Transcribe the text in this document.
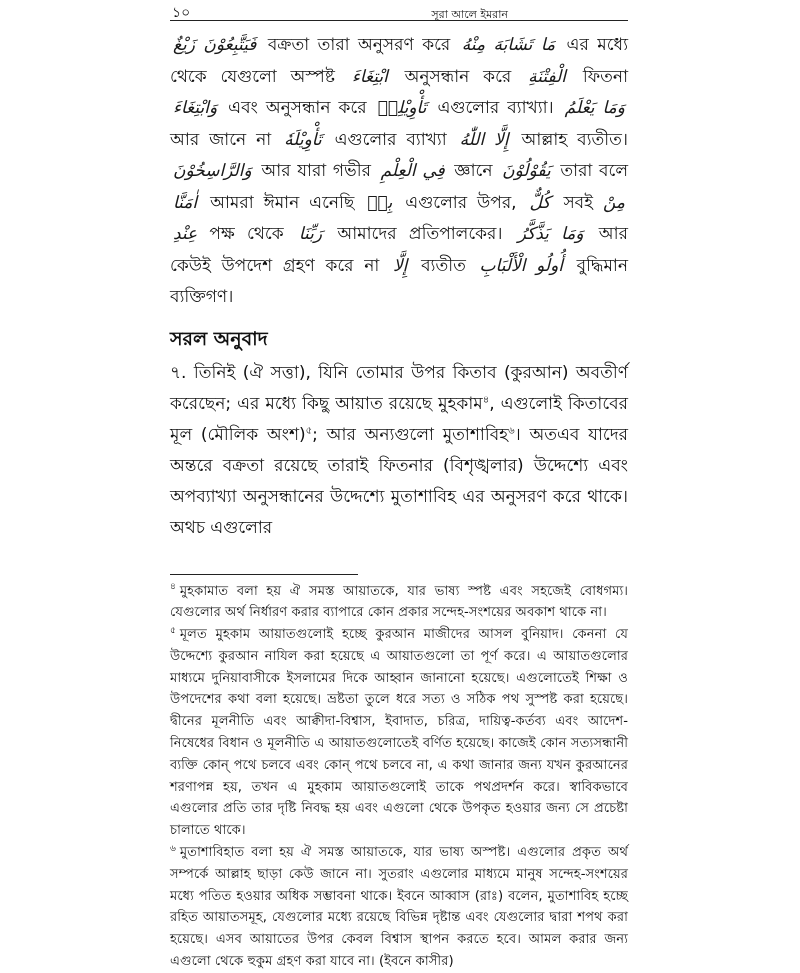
১০	সূরা আলে ইমরান

فَيَتَّبِعُوْنَ زَيْغٌ বক্রতা তারা অনুসরণ করে مَا تَشَابَهَ مِنْهُ এর মধ্যে থেকে যেগুলো অস্পষ্ট ابْتِغَاءَ অনুসন্ধান করে الْفِتْنَةِ ফিতনা وَابْتِغَاءَ এবং অনুসন্ধান করে تَأْوِيْلِهٖ এগুলোর ব্যাখ্যা। وَمَا يَعْلَمُ আর জানে না تَأْوِيْلَهٗ এগুলোর ব্যাখ্যা إِلَّا اللّٰهُ আল্লাহ ব্যতীত। وَالرَّاسِخُوْنَ আর যারা গভীর فِي الْعِلْمِ জ্ঞানে يَقُوْلُوْنَ তারা বলে اٰمَنَّا আমরা ঈমান এনেছি بِهٖ এগুলোর উপর, كُلٌّ সবই مِنْ عِنْدِ পক্ষ থেকে رَبِّنَا আমাদের প্রতিপালকের। وَمَا يَذَّكَّرُ আর কেউই উপদেশ গ্রহণ করে না إِلَّا ব্যতীত أُولُو الْأَلْبَابِ বুদ্ধিমান ব্যক্তিগণ।

সরল অনুবাদ

৭. তিনিই (ঐ সত্তা), যিনি তোমার উপর কিতাব (কুরআন) অবতীর্ণ করেছেন; এর মধ্যে কিছু আয়াত রয়েছে মুহকাম$^৪$, এগুলোই কিতাবের মূল (মৌলিক অংশ)$^৫$; আর অন্যগুলো মুতাশাবিহ$^৬$। অতএব যাদের অন্তরে বক্রতা রয়েছে তারাই ফিতনার (বিশৃঙ্খলার) উদ্দেশ্যে এবং অপব্যাখ্যা অনুসন্ধানের উদ্দেশ্যে মুতাশাবিহ এর অনুসরণ করে থাকে। অথচ এগুলোর

$^৪$ মুহকামাত বলা হয় ঐ সমস্ত আয়াতকে, যার ভাষ্য স্পষ্ট এবং সহজেই বোধগম্য। যেগুলোর অর্থ নির্ধারণ করার ব্যাপারে কোন প্রকার সন্দেহ-সংশয়ের অবকাশ থাকে না।

$^৫$ মূলত মুহকাম আয়াতগুলোই হচ্ছে কুরআন মাজীদের আসল বুনিয়াদ। কেননা যে উদ্দেশ্যে কুরআন নাযিল করা হয়েছে এ আয়াতগুলো তা পূর্ণ করে। এ আয়াতগুলোর মাধ্যমে দুনিয়াবাসীকে ইসলামের দিকে আহ্বান জানানো হয়েছে। এগুলোতেই শিক্ষা ও উপদেশের কথা বলা হয়েছে। ভ্রষ্টতা তুলে ধরে সত্য ও সঠিক পথ সুস্পষ্ট করা হয়েছে। দ্বীনের মূলনীতি এবং আক্বীদা-বিশ্বাস, ইবাদাত, চরিত্র, দায়িত্ব-কর্তব্য এবং আদেশ-নিষেধের বিধান ও মূলনীতি এ আয়াতগুলোতেই বর্ণিত হয়েছে। কাজেই কোন সত্যসন্ধানী ব্যক্তি কোন্ পথে চলবে এবং কোন্ পথে চলবে না, এ কথা জানার জন্য যখন কুরআনের শরণাপন্ন হয়, তখন এ মুহকাম আয়াতগুলোই তাকে পথপ্রদর্শন করে। স্বাবিকভাবে এগুলোর প্রতি তার দৃষ্টি নিবদ্ধ হয় এবং এগুলো থেকে উপকৃত হওয়ার জন্য সে প্রচেষ্টা চালাতে থাকে।

$^৬$ মুতাশাবিহাত বলা হয় ঐ সমস্ত আয়াতকে, যার ভাষ্য অস্পষ্ট। এগুলোর প্রকৃত অর্থ সম্পর্কে আল্লাহ ছাড়া কেউ জানে না। সুতরাং এগুলোর মাধ্যমে মানুষ সন্দেহ-সংশয়ের মধ্যে পতিত হওয়ার অধিক সম্ভাবনা থাকে। ইবনে আব্বাস (রাঃ) বলেন, মুতাশাবিহ হচ্ছে রহিত আয়াতসমূহ, যেগুলোর মধ্যে রয়েছে বিভিন্ন দৃষ্টান্ত এবং যেগুলোর দ্বারা শপথ করা হয়েছে। এসব আয়াতের উপর কেবল বিশ্বাস স্থাপন করতে হবে। আমল করার জন্য এগুলো থেকে হুকুম গ্রহণ করা যাবে না। (ইবনে কাসীর)
